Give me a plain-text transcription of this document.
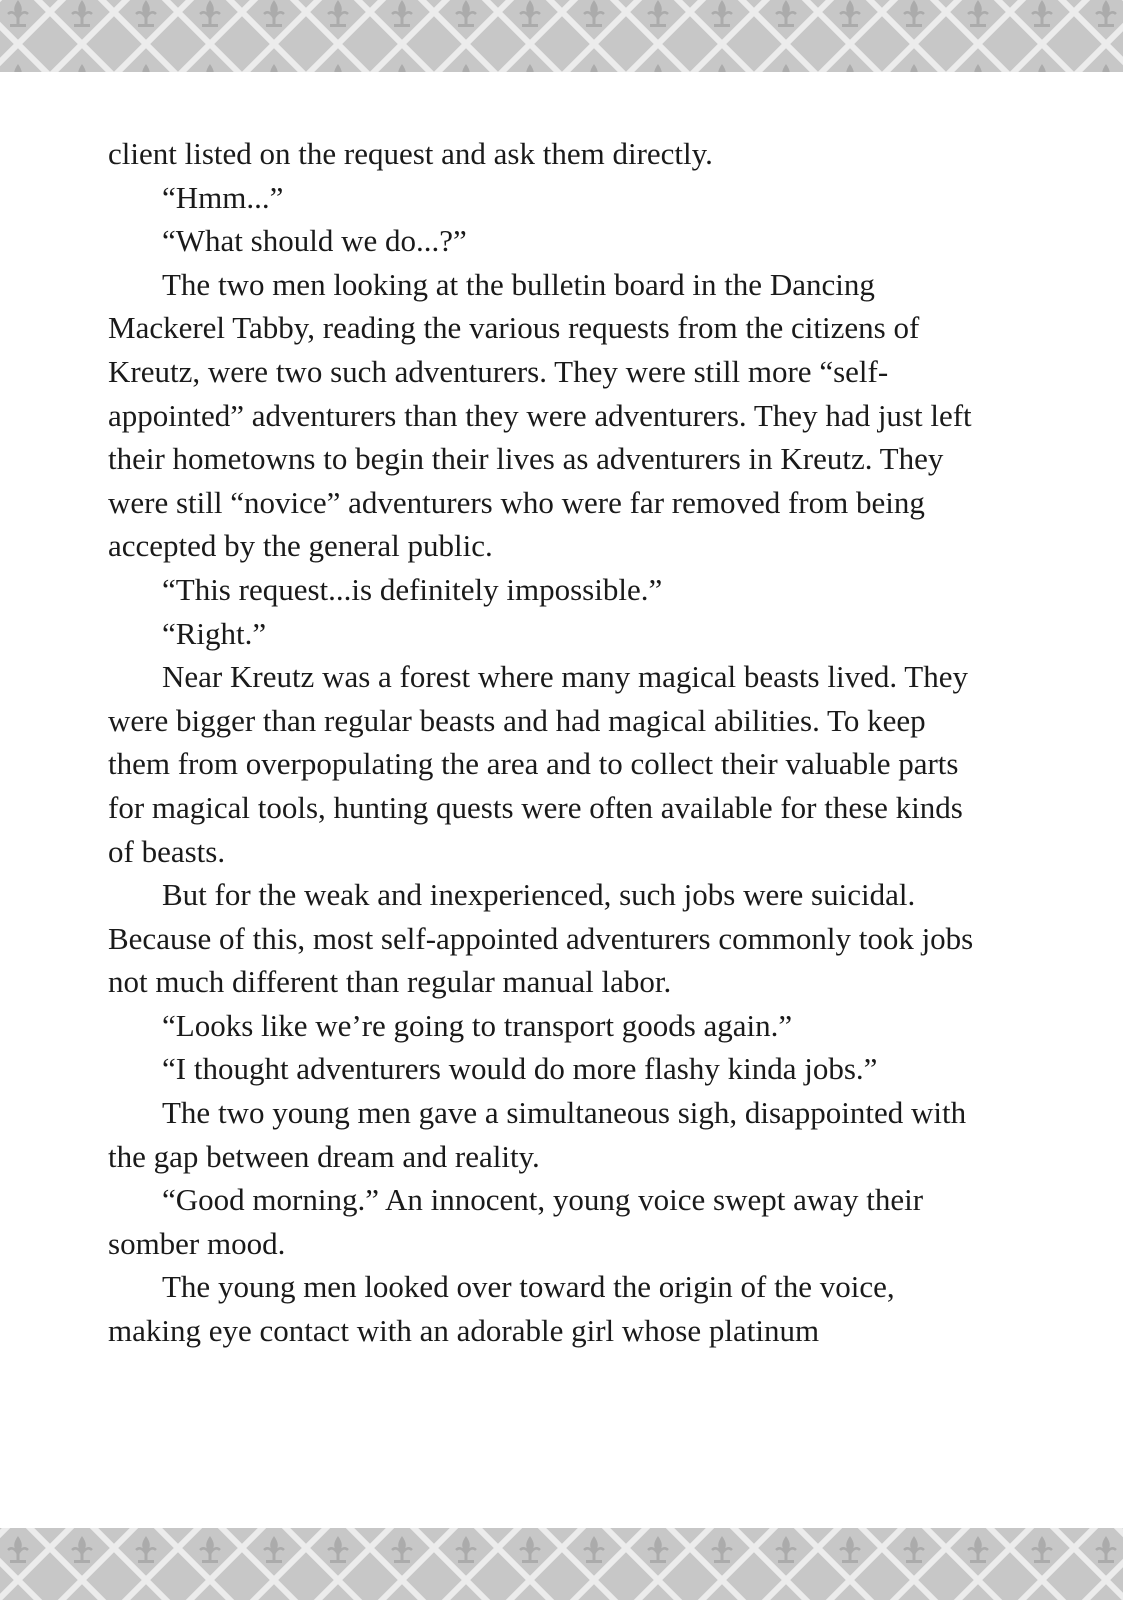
client listed on the request and ask them directly.

“Hmm...”

“What should we do...?”

The two men looking at the bulletin board in the Dancing Mackerel Tabby, reading the various requests from the citizens of Kreutz, were two such adventurers. They were still more “self-appointed” adventurers than they were adventurers. They had just left their hometowns to begin their lives as adventurers in Kreutz. They were still “novice” adventurers who were far removed from being accepted by the general public.

“This request...is definitely impossible.”

“Right.”

Near Kreutz was a forest where many magical beasts lived. They were bigger than regular beasts and had magical abilities. To keep them from overpopulating the area and to collect their valuable parts for magical tools, hunting quests were often available for these kinds of beasts.

But for the weak and inexperienced, such jobs were suicidal. Because of this, most self-appointed adventurers commonly took jobs not much different than regular manual labor.

“Looks like we’re going to transport goods again.”

“I thought adventurers would do more flashy kinda jobs.”

The two young men gave a simultaneous sigh, disappointed with the gap between dream and reality.

“Good morning.” An innocent, young voice swept away their somber mood.

The young men looked over toward the origin of the voice, making eye contact with an adorable girl whose platinum
